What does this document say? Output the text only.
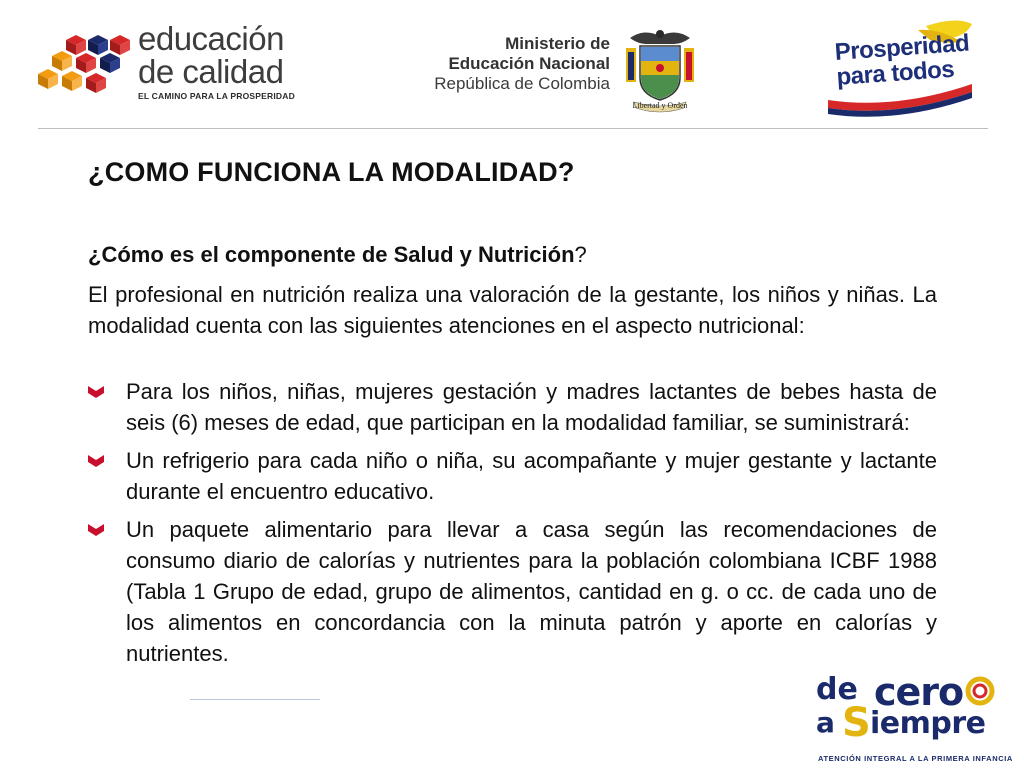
educación
de calidad
EL CAMINO PARA LA PROSPERIDAD
Ministerio de
Educación Nacional
República de Colombia
Libertad y Orden
Prosperidad
para todos
¿COMO FUNCIONA LA MODALIDAD?
¿Cómo es el componente de Salud y Nutrición?

El profesional en nutrición realiza una valoración de la gestante, los niños y niñas. La modalidad cuenta con las siguientes atenciones en el aspecto nutricional:

Para los niños, niñas, mujeres gestación y madres lactantes de bebes hasta de seis (6) meses de edad, que participan en la modalidad familiar, se suministrará:
Un refrigerio para cada niño o niña, su acompañante y mujer gestante y lactante durante el encuentro educativo.
Un paquete alimentario para llevar a casa según las recomendaciones de consumo diario de calorías y nutrientes para la población colombiana ICBF 1988 (Tabla 1 Grupo de edad, grupo de alimentos, cantidad en g. o cc. de cada uno de los alimentos en concordancia con la minuta patrón y aporte en calorías y nutrientes.
de cero
a S iempre
ATENCIÓN INTEGRAL A LA PRIMERA INFANCIA
